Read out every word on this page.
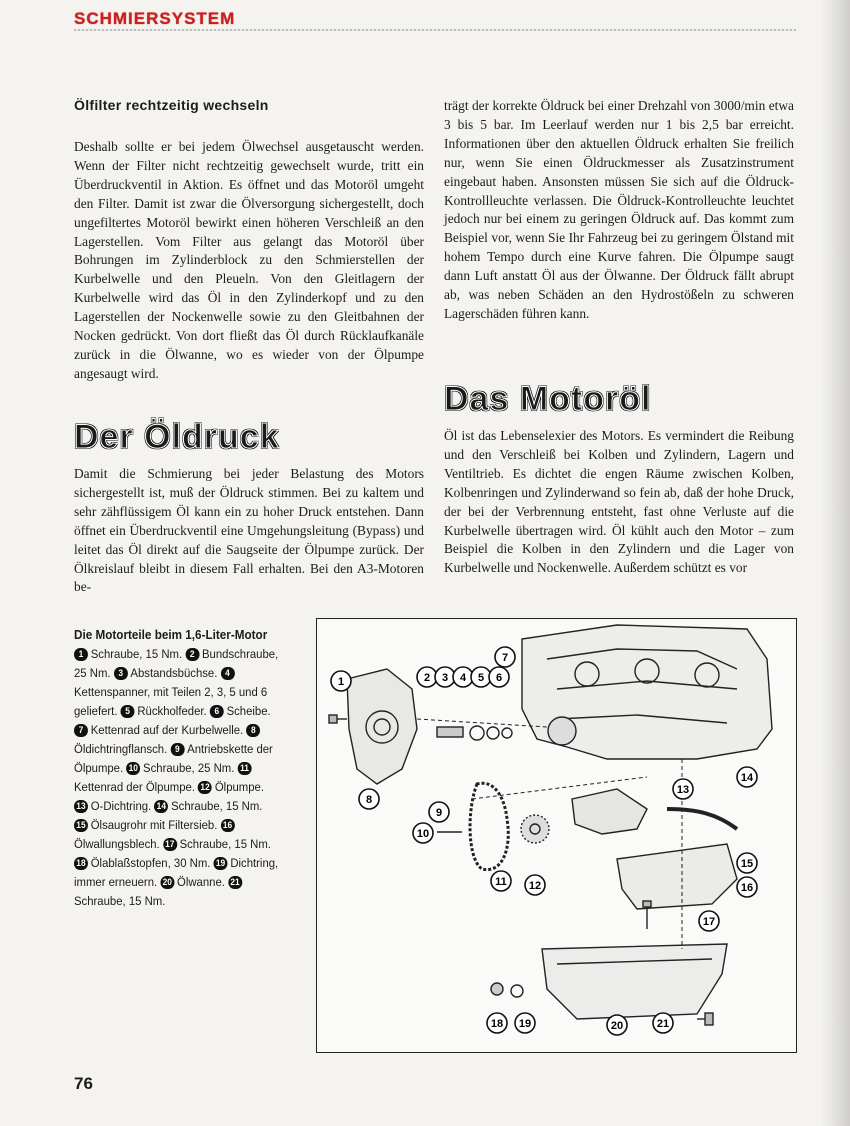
SCHMIERSYSTEM
Ölfilter rechtzeitig wechseln

Deshalb sollte er bei jedem Ölwechsel ausgetauscht werden. Wenn der Filter nicht rechtzeitig gewechselt wurde, tritt ein Überdruckventil in Aktion. Es öffnet und das Motoröl umgeht den Filter. Damit ist zwar die Ölversorgung sichergestellt, doch ungefiltertes Motoröl bewirkt einen höheren Verschleiß an den Lagerstellen. Vom Filter aus gelangt das Motoröl über Bohrungen im Zylinderblock zu den Schmierstellen der Kurbelwelle und den Pleueln. Von den Gleitlagern der Kurbelwelle wird das Öl in den Zylinderkopf und zu den Lagerstellen der Nockenwelle sowie zu den Gleitbahnen der Nocken gedrückt. Von dort fließt das Öl durch Rücklaufkanäle zurück in die Ölwanne, wo es wieder von der Ölpumpe angesaugt wird.

Der Öldruck

Damit die Schmierung bei jeder Belastung des Motors sichergestellt ist, muß der Öldruck stimmen. Bei zu kaltem und sehr zähflüssigem Öl kann ein zu hoher Druck entstehen. Dann öffnet ein Überdruckventil eine Umgehungsleitung (Bypass) und leitet das Öl direkt auf die Saugseite der Ölpumpe zurück. Der Ölkreislauf bleibt in diesem Fall erhalten. Bei den A3-Motoren be-

trägt der korrekte Öldruck bei einer Drehzahl von 3000/min etwa 3 bis 5 bar. Im Leerlauf werden nur 1 bis 2,5 bar erreicht. Informationen über den aktuellen Öldruck erhalten Sie freilich nur, wenn Sie einen Öldruckmesser als Zusatzinstrument eingebaut haben. Ansonsten müssen Sie sich auf die Öldruck-Kontrollleuchte verlassen. Die Öldruck-Kontrolleuchte leuchtet jedoch nur bei einem zu geringen Öldruck auf. Das kommt zum Beispiel vor, wenn Sie Ihr Fahrzeug bei zu geringem Ölstand mit hohem Tempo durch eine Kurve fahren. Die Ölpumpe saugt dann Luft anstatt Öl aus der Ölwanne. Der Öldruck fällt abrupt ab, was neben Schäden an den Hydrostößeln zu schweren Lagerschäden führen kann.

Das Motoröl

Öl ist das Lebenselexier des Motors. Es vermindert die Reibung und den Verschleiß bei Kolben und Zylindern, Lagern und Ventiltrieb. Es dichtet die engen Räume zwischen Kolben, Kolbenringen und Zylinderwand so fein ab, daß der hohe Druck, der bei der Verbrennung entsteht, fast ohne Verluste auf die Kurbelwelle übertragen wird. Öl kühlt auch den Motor – zum Beispiel die Kolben in den Zylindern und die Lager von Kurbelwelle und Nockenwelle. Außerdem schützt es vor

Die Motorteile beim 1,6-Liter-Motor
1 Schraube, 15 Nm. 2 Bundschraube, 25 Nm. 3 Abstandsbüchse. 4Kettenspanner, mit Teilen 2, 3, 5 und 6 geliefert. 5 Rückholfeder. 6 Scheibe. 7 Kettenrad auf der Kurbelwelle. 8Öldichtringflansch. 9 Antriebskette der Ölpumpe. 10 Schraube, 25 Nm. 11Kettenrad der Ölpumpe. 12 Ölpumpe. 13 O-Dichtring. 14 Schraube, 15 Nm. 15 Ölsaugrohr mit Filtersieb. 16Ölwallungsblech. 17 Schraube, 15 Nm. 18 Ölablaßstopfen, 30 Nm. 19 Dichtring, immer erneuern. 20 Ölwanne. 21Schraube, 15 Nm.
1	2 3 4 5 6
7
8
9
10
11 12
13
14
15
16
17
18 19	20	21
76
